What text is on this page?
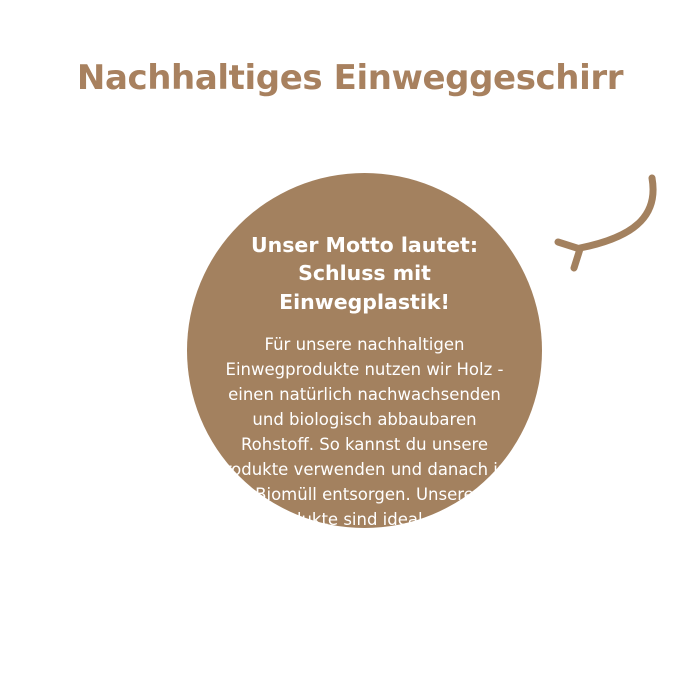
Nachhaltiges Einweggeschirr
Unser Motto lautet:
Schluss mit Einwegplastik!
Für unsere nachhaltigen Einwegprodukte nutzen wir Holz - einen natürlich nachwachsenden und biologisch abbaubaren Rohstoff. So kannst du unsere Produkte verwenden und danach im Biomüll entsorgen. Unsere Holzprodukte sind ideal geeignet für Grillabende, Picknicks, Partys und To Go. Deine sinnvolle Alternative zu Einwegplastik!
